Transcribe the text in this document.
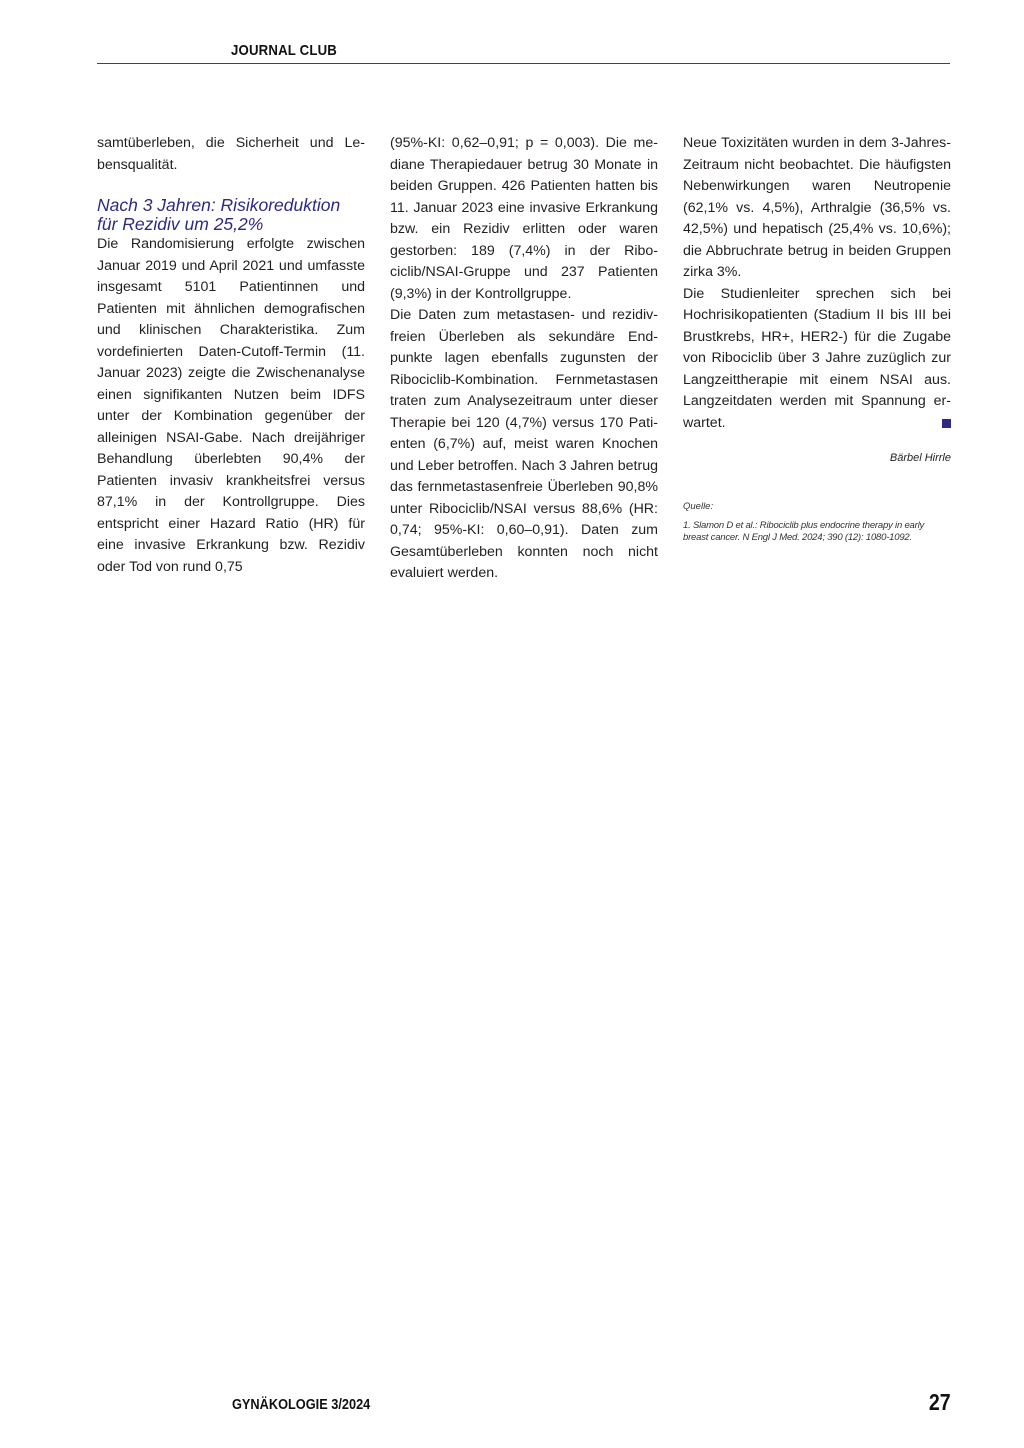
JOURNAL CLUB

samtüberleben, die Sicherheit und Lebensqualität.

Nach 3 Jahren: Risikoreduktion für Rezidiv um 25,2%

Die Randomisierung erfolgte zwischen Januar 2019 und April 2021 und umfasste insgesamt 5101 Patientinnen und Patienten mit ähnlichen demografischen und klinischen Charakteristika. Zum vordefinierten Daten-Cutoff-Termin (11. Januar 2023) zeigte die Zwischenanalyse einen signifikanten Nutzen beim IDFS unter der Kombination gegenüber der alleinigen NSAI-Gabe. Nach dreijähriger Behandlung überlebten 90,4% der Patienten invasiv krankheitsfrei versus 87,1% in der Kontrollgruppe. Dies entspricht einer Hazard Ratio (HR) für eine invasive Erkrankung bzw. Rezidiv oder Tod von rund 0,75

(95%-KI: 0,62–0,91; p = 0,003). Die mediane Therapiedauer betrug 30 Monate in beiden Gruppen. 426 Patienten hatten bis 11. Januar 2023 eine invasive Erkrankung bzw. ein Rezidiv erlitten oder waren gestorben: 189 (7,4%) in der Ribociclib/NSAI-Gruppe und 237 Patienten (9,3%) in der Kontrollgruppe.

Die Daten zum metastasen- und rezidivfreien Überleben als sekundäre Endpunkte lagen ebenfalls zugunsten der Ribociclib-Kombination. Fernmetastasen traten zum Analysezeitraum unter dieser Therapie bei 120 (4,7%) versus 170 Patienten (6,7%) auf, meist waren Knochen und Leber betroffen. Nach 3 Jahren betrug das fernmetastasenfreie Überleben 90,8% unter Ribociclib/NSAI versus 88,6% (HR: 0,74; 95%-KI: 0,60–0,91). Daten zum Gesamtüberleben konnten noch nicht evaluiert werden.

Neue Toxizitäten wurden in dem 3-Jahres-Zeitraum nicht beobachtet. Die häufigsten Nebenwirkungen waren Neutropenie (62,1% vs. 4,5%), Arthralgie (36,5% vs. 42,5%) und hepatisch (25,4% vs. 10,6%); die Abbruchrate betrug in beiden Gruppen zirka 3%.

Die Studienleiter sprechen sich bei Hochrisikopatienten (Stadium II bis III bei Brustkrebs, HR+, HER2-) für die Zugabe von Ribociclib über 3 Jahre zuzüglich zur Langzeittherapie mit einem NSAI aus. Langzeitdaten werden mit Spannung erwartet.

Bärbel Hirrle
Quelle:
1. Slamon D et al.: Ribociclib plus endocrine therapy in early breast cancer. N Engl J Med. 2024; 390 (12): 1080-1092.
GYNÄKOLOGIE 3/2024	27
